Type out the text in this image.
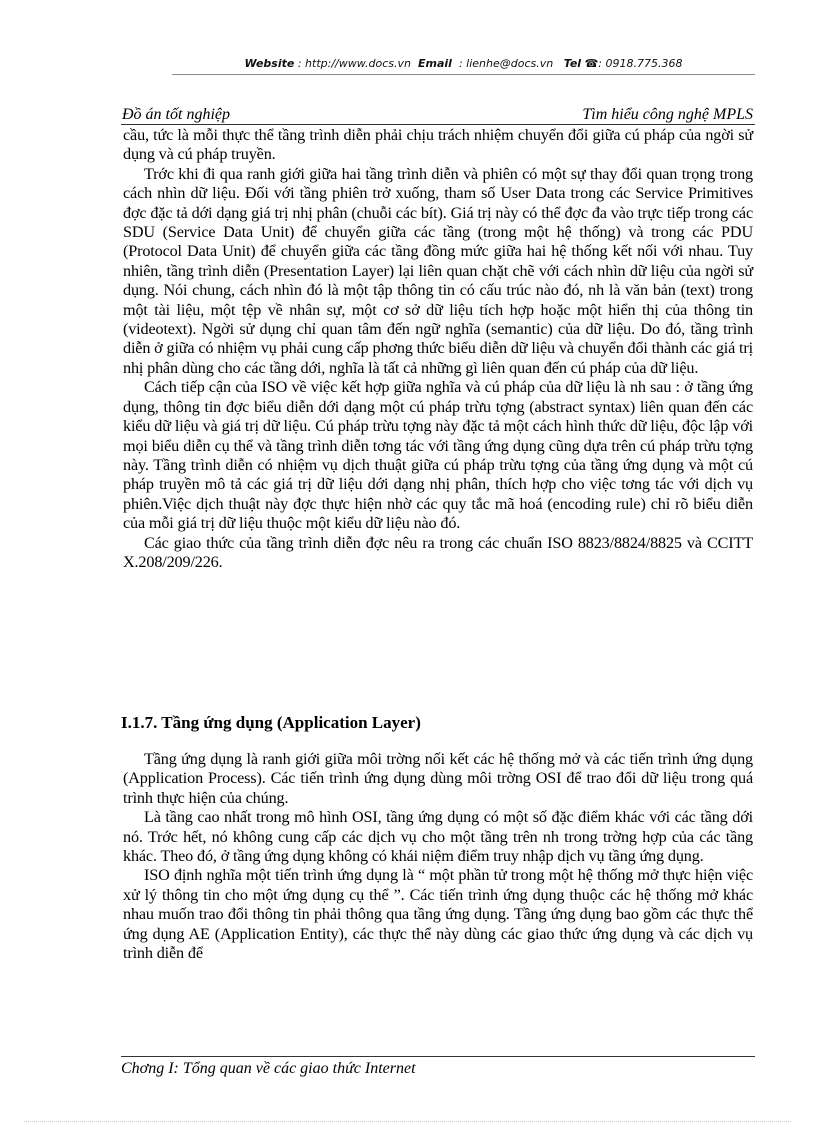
Website : http://www.docs.vn Email : lienhe@docs.vn Tel ☎: 0918.775.368
Đồ án tốt nghiệp	Tìm hiểu công nghệ MPLS

cầu, tức là mỗi thực thể tầng trình diễn phải chịu trách nhiệm chuyển đổi giữa cú pháp của ngời sử dụng và cú pháp truyền.

Trớc khi đi qua ranh giới giữa hai tầng trình diễn và phiên có một sự thay đổi quan trọng trong cách nhìn dữ liệu. Đối với tầng phiên trở xuống, tham số User Data trong các Service Primitives đợc đặc tả dới dạng giá trị nhị phân (chuỗi các bít). Giá trị này có thể đợc đa vào trực tiếp trong các SDU (Service Data Unit) để chuyển giữa các tầng (trong một hệ thống) và trong các PDU (Protocol Data Unit) để chuyển giữa các tầng đồng mức giữa hai hệ thống kết nối với nhau. Tuy nhiên, tầng trình diễn (Presentation Layer) lại liên quan chặt chẽ với cách nhìn dữ liệu của ngời sử dụng. Nói chung, cách nhìn đó là một tập thông tin có cấu trúc nào đó, nh là văn bản (text) trong một tài liệu, một tệp về nhân sự, một cơ sở dữ liệu tích hợp hoặc một hiển thị của thông tin (videotext). Ngời sử dụng chỉ quan tâm đến ngữ nghĩa (semantic) của dữ liệu. Do đó, tầng trình diễn ở giữa có nhiệm vụ phải cung cấp phơng thức biểu diễn dữ liệu và chuyển đổi thành các giá trị nhị phân dùng cho các tầng dới, nghĩa là tất cả những gì liên quan đến cú pháp của dữ liệu.

Cách tiếp cận của ISO về việc kết hợp giữa nghĩa và cú pháp của dữ liệu là nh sau : ở tầng ứng dụng, thông tin đợc biểu diễn dới dạng một cú pháp trừu tợng (abstract syntax) liên quan đến các kiểu dữ liệu và giá trị dữ liệu. Cú pháp trừu tợng này đặc tả một cách hình thức dữ liệu, độc lập với mọi biểu diễn cụ thể và tầng trình diễn tơng tác với tầng ứng dụng cũng dựa trên cú pháp trừu tợng này. Tầng trình diễn có nhiệm vụ dịch thuật giữa cú pháp trừu tợng của tầng ứng dụng và một cú pháp truyền mô tả các giá trị dữ liệu dới dạng nhị phân, thích hợp cho việc tơng tác với dịch vụ phiên.Việc dịch thuật này đợc thực hiện nhờ các quy tắc mã hoá (encoding rule) chỉ rõ biểu diễn của mỗi giá trị dữ liệu thuộc một kiểu dữ liệu nào đó.

Các giao thức của tầng trình diễn đợc nêu ra trong các chuẩn ISO 8823/8824/8825 và CCITT X.208/209/226.

I.1.7. Tầng ứng dụng (Application Layer)

Tầng ứng dụng là ranh giới giữa môi trờng nối kết các hệ thống mở và các tiến trình ứng dụng (Application Process). Các tiến trình ứng dụng dùng môi trờng OSI để trao đổi dữ liệu trong quá trình thực hiện của chúng.

Là tầng cao nhất trong mô hình OSI, tầng ứng dụng có một số đặc điểm khác với các tầng dới nó. Trớc hết, nó không cung cấp các dịch vụ cho một tầng trên nh trong trờng hợp của các tầng khác. Theo đó, ở tầng ứng dụng không có khái niệm điểm truy nhập dịch vụ tầng ứng dụng.

ISO định nghĩa một tiến trình ứng dụng là “ một phần tử trong một hệ thống mở thực hiện việc xử lý thông tin cho một ứng dụng cụ thể ”. Các tiến trình ứng dụng thuộc các hệ thống mở khác nhau muốn trao đổi thông tin phải thông qua tầng ứng dụng. Tầng ứng dụng bao gồm các thực thể ứng dụng AE (Application Entity), các thực thể này dùng các giao thức ứng dụng và các dịch vụ trình diễn để

Chơng I: Tổng quan về các giao thức Internet
